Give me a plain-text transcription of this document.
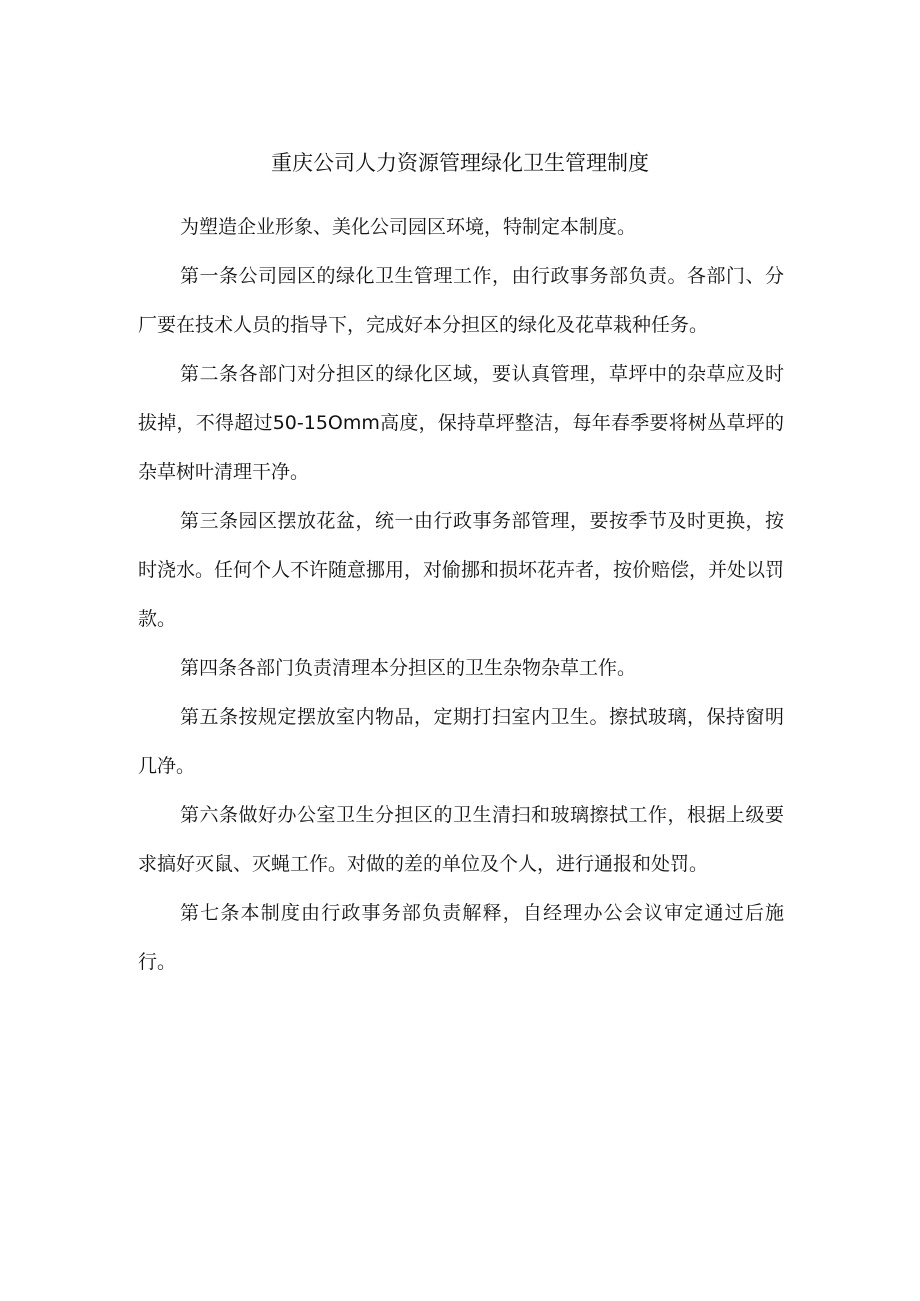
重庆公司人力资源管理绿化卫生管理制度

为塑造企业形象、美化公司园区环境，特制定本制度。

第一条公司园区的绿化卫生管理工作，由行政事务部负责。各部门、分厂要在技术人员的指导下，完成好本分担区的绿化及花草栽种任务。

第二条各部门对分担区的绿化区域，要认真管理，草坪中的杂草应及时拔掉，不得超过50-15Omm高度，保持草坪整洁，每年春季要将树丛草坪的杂草树叶清理干净。

第三条园区摆放花盆，统一由行政事务部管理，要按季节及时更换，按时浇水。任何个人不许随意挪用，对偷挪和损坏花卉者，按价赔偿，并处以罚款。

第四条各部门负责清理本分担区的卫生杂物杂草工作。

第五条按规定摆放室内物品，定期打扫室内卫生。擦拭玻璃，保持窗明几净。

第六条做好办公室卫生分担区的卫生清扫和玻璃擦拭工作，根据上级要求搞好灭鼠、灭蝇工作。对做的差的单位及个人，进行通报和处罚。

第七条本制度由行政事务部负责解释，自经理办公会议审定通过后施行。
